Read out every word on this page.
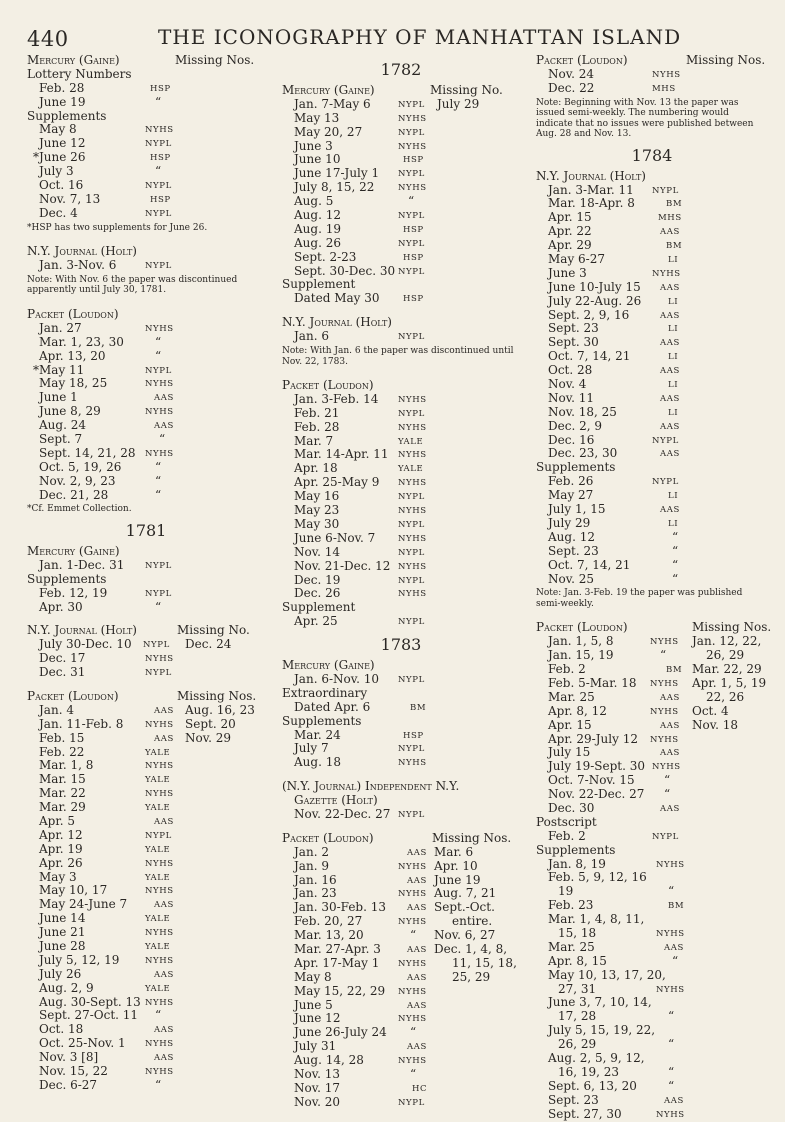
440	THE ICONOGRAPHY OF MANHATTAN ISLAND
Mercury (Gaine)	Missing Nos.
Lottery Numbers
Feb. 28	HSP
June 19	“
Supplements
May 8	NYHS
June 12	NYPL
*June 26	HSP
July 3	“
Oct. 16	NYPL
Nov. 7, 13	HSP
Dec. 4	NYPL
*HSP has two supplements for June 26.
N.Y. Journal (Holt)
Jan. 3-Nov. 6	NYPL
Note: With Nov. 6 the paper was discontinued apparently until July 30, 1781.
Packet (Loudon)
Jan. 27	NYHS
Mar. 1, 23, 30	“
Apr. 13, 20	“
*May 11	NYPL
May 18, 25	NYHS
June 1	AAS
June 8, 29	NYHS
Aug. 24	AAS
Sept. 7	“
Sept. 14, 21, 28 NYHS
Oct. 5, 19, 26	“
Nov. 2, 9, 23	“
Dec. 21, 28	“
*Cf. Emmet Collection.
1781
Mercury (Gaine)
Jan. 1-Dec. 31 NYPL
Supplements
Feb. 12, 19	NYPL
Apr. 30	“
N.Y. Journal (Holt)	Missing No.
July 30-Dec. 10 NYPL Dec. 24
Dec. 17	NYHS
Dec. 31	NYPL
Packet (Loudon)	Missing Nos.
Jan. 4	AAS Aug. 16, 23
Jan. 11-Feb. 8	NYHS Sept. 20
Feb. 15	AAS Nov. 29
Feb. 22	YALE
Mar. 1, 8	NYHS
Mar. 15	YALE
Mar. 22	NYHS
Mar. 29	YALE
Apr. 5	AAS
Apr. 12	NYPL
Apr. 19	YALE
Apr. 26	NYHS
May 3	YALE
May 10, 17	NYHS
May 24-June 7	AAS
June 14	YALE
June 21	NYHS
June 28	YALE
July 5, 12, 19	NYHS
July 26	AAS
Aug. 2, 9	YALE
Aug. 30-Sept. 13 NYHS
Sept. 27-Oct. 11 “
Oct. 18	AAS
Oct. 25-Nov. 1 NYHS
Nov. 3 [8]	AAS
Nov. 15, 22	NYHS
Dec. 6-27	“
1782
Mercury (Gaine)	Missing No.
Jan. 7-May 6	NYPL July 29
May 13	NYHS
May 20, 27	NYPL
June 3	NYHS
June 10	HSP
June 17-July 1 NYPL
July 8, 15, 22	NYHS
Aug. 5	“
Aug. 12	NYPL
Aug. 19	HSP
Aug. 26	NYPL
Sept. 2-23	HSP
Sept. 30-Dec. 30 NYPL
Supplement
Dated May 30	HSP
N.Y. Journal (Holt)
Jan. 6	NYPL
Note: With Jan. 6 the paper was discontinued until Nov. 22, 1783.
Packet (Loudon)
Jan. 3-Feb. 14 NYHS
Feb. 21	NYPL
Feb. 28	NYHS
Mar. 7	YALE
Mar. 14-Apr. 11 NYHS
Apr. 18	YALE
Apr. 25-May 9 NYHS
May 16	NYPL
May 23	NYHS
May 30	NYPL
June 6-Nov. 7	NYHS
Nov. 14	NYPL
Nov. 21-Dec. 12 NYHS
Dec. 19	NYPL
Dec. 26	NYHS
Supplement
Apr. 25	NYPL
1783
Mercury (Gaine)
Jan. 6-Nov. 10 NYPL
Extraordinary
Dated Apr. 6	BM
Supplements
Mar. 24	HSP
July 7	NYPL
Aug. 18	NYHS
(N.Y. Journal) Independent N.Y.
Gazette (Holt)
Nov. 22-Dec. 27 NYPL
Packet (Loudon)	Missing Nos.
Jan. 2	AAS Mar. 6
Jan. 9	NYHS Apr. 10
Jan. 16	AAS June 19
Jan. 23	NYHS Aug. 7, 21
Jan. 30-Feb. 13 AAS Sept.-Oct.
Feb. 20, 27	NYHS entire.
Mar. 13, 20	“ Nov. 6, 27
Mar. 27-Apr. 3	AAS Dec. 1, 4, 8,
Apr. 17-May 1 NYHS 11, 15, 18,
May 8	AAS 25, 29
May 15, 22, 29 NYHS
June 5	AAS
June 12	NYHS
June 26-July 24 “
July 31	AAS
Aug. 14, 28	NYHS
Nov. 13	“
Nov. 17	HC
Nov. 20	NYPL
Packet (Loudon)	Missing Nos.
Nov. 24	NYHS
Dec. 22	MHS
Note: Beginning with Nov. 13 the paper was issued semi-weekly. The numbering would indicate that no issues were published between Aug. 28 and Nov. 13.
1784
N.Y. Journal (Holt)
Jan. 3-Mar. 11 NYPL
Mar. 18-Apr. 8	BM
Apr. 15	MHS
Apr. 22	AAS
Apr. 29	BM
May 6-27	LI
June 3	NYHS
June 10-July 15 AAS
July 22-Aug. 26	LI
Sept. 2, 9, 16	AAS
Sept. 23	LI
Sept. 30	AAS
Oct. 7, 14, 21	LI
Oct. 28	AAS
Nov. 4	LI
Nov. 11	AAS
Nov. 18, 25	LI
Dec. 2, 9	AAS
Dec. 16	NYPL
Dec. 23, 30	AAS
Supplements
Feb. 26	NYPL
May 27	LI
July 1, 15	AAS
July 29	LI
Aug. 12	“
Sept. 23	“
Oct. 7, 14, 21	“
Nov. 25	“
Note: Jan. 3-Feb. 19 the paper was published semi-weekly.
Packet (Loudon)	Missing Nos.
Jan. 1, 5, 8	NYHS Jan. 12, 22,
Jan. 15, 19	“	26, 29
Feb. 2	BM Mar. 22, 29
Feb. 5-Mar. 18 NYHS Apr. 1, 5, 19
Mar. 25	AAS 22, 26
Apr. 8, 12	NYHS Oct. 4
Apr. 15	AAS Nov. 18
Apr. 29-July 12 NYHS
July 15	AAS
July 19-Sept. 30 NYHS
Oct. 7-Nov. 15 “
Nov. 22-Dec. 27 “
Dec. 30	AAS
Postscript
Feb. 2	NYPL
Supplements
Jan. 8, 19	NYHS
Feb. 5, 9, 12, 16
19	“
Feb. 23	BM
Mar. 1, 4, 8, 11,
15, 18	NYHS
Mar. 25	AAS
Apr. 8, 15	“
May 10, 13, 17, 20,
27, 31	NYHS
June 3, 7, 10, 14,
17, 28	“
July 5, 15, 19, 22,
26, 29	“
Aug. 2, 5, 9, 12,
16, 19, 23	“
Sept. 6, 13, 20	“
Sept. 23	AAS
Sept. 27, 30	NYHS
